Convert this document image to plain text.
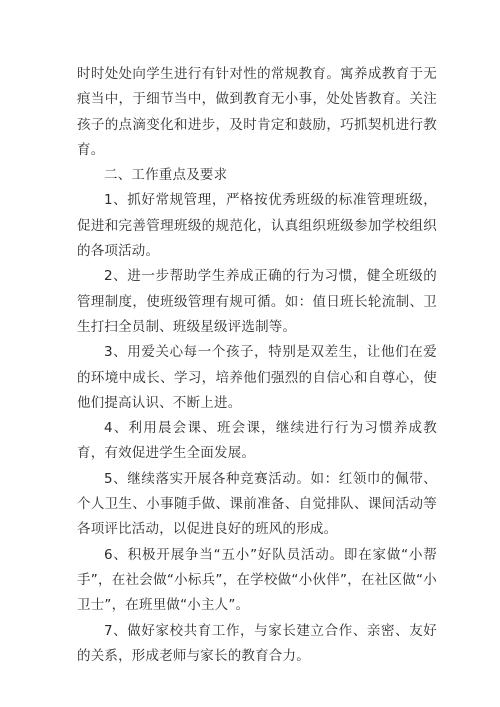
时时处处向学生进行有针对性的常规教育。寓养成教育于无痕当中，于细节当中，做到教育无小事，处处皆教育。关注孩子的点滴变化和进步，及时肯定和鼓励，巧抓契机进行教育。

二、工作重点及要求

1、抓好常规管理，严格按优秀班级的标准管理班级，促进和完善管理班级的规范化，认真组织班级参加学校组织的各项活动。

2、进一步帮助学生养成正确的行为习惯，健全班级的管理制度，使班级管理有规可循。如：值日班长轮流制、卫生打扫全员制、班级星级评选制等。

3、用爱关心每一个孩子，特别是双差生，让他们在爱的环境中成长、学习，培养他们强烈的自信心和自尊心，使他们提高认识、不断上进。

4、利用晨会课、班会课，继续进行行为习惯养成教育，有效促进学生全面发展。

5、继续落实开展各种竞赛活动。如：红领巾的佩带、个人卫生、小事随手做、课前准备、自觉排队、课间活动等各项评比活动，以促进良好的班风的形成。

6、积极开展争当“五小”好队员活动。即在家做“小帮手”，在社会做“小标兵”，在学校做“小伙伴”，在社区做“小卫士”，在班里做“小主人”。

7、做好家校共育工作，与家长建立合作、亲密、友好的关系，形成老师与家长的教育合力。
